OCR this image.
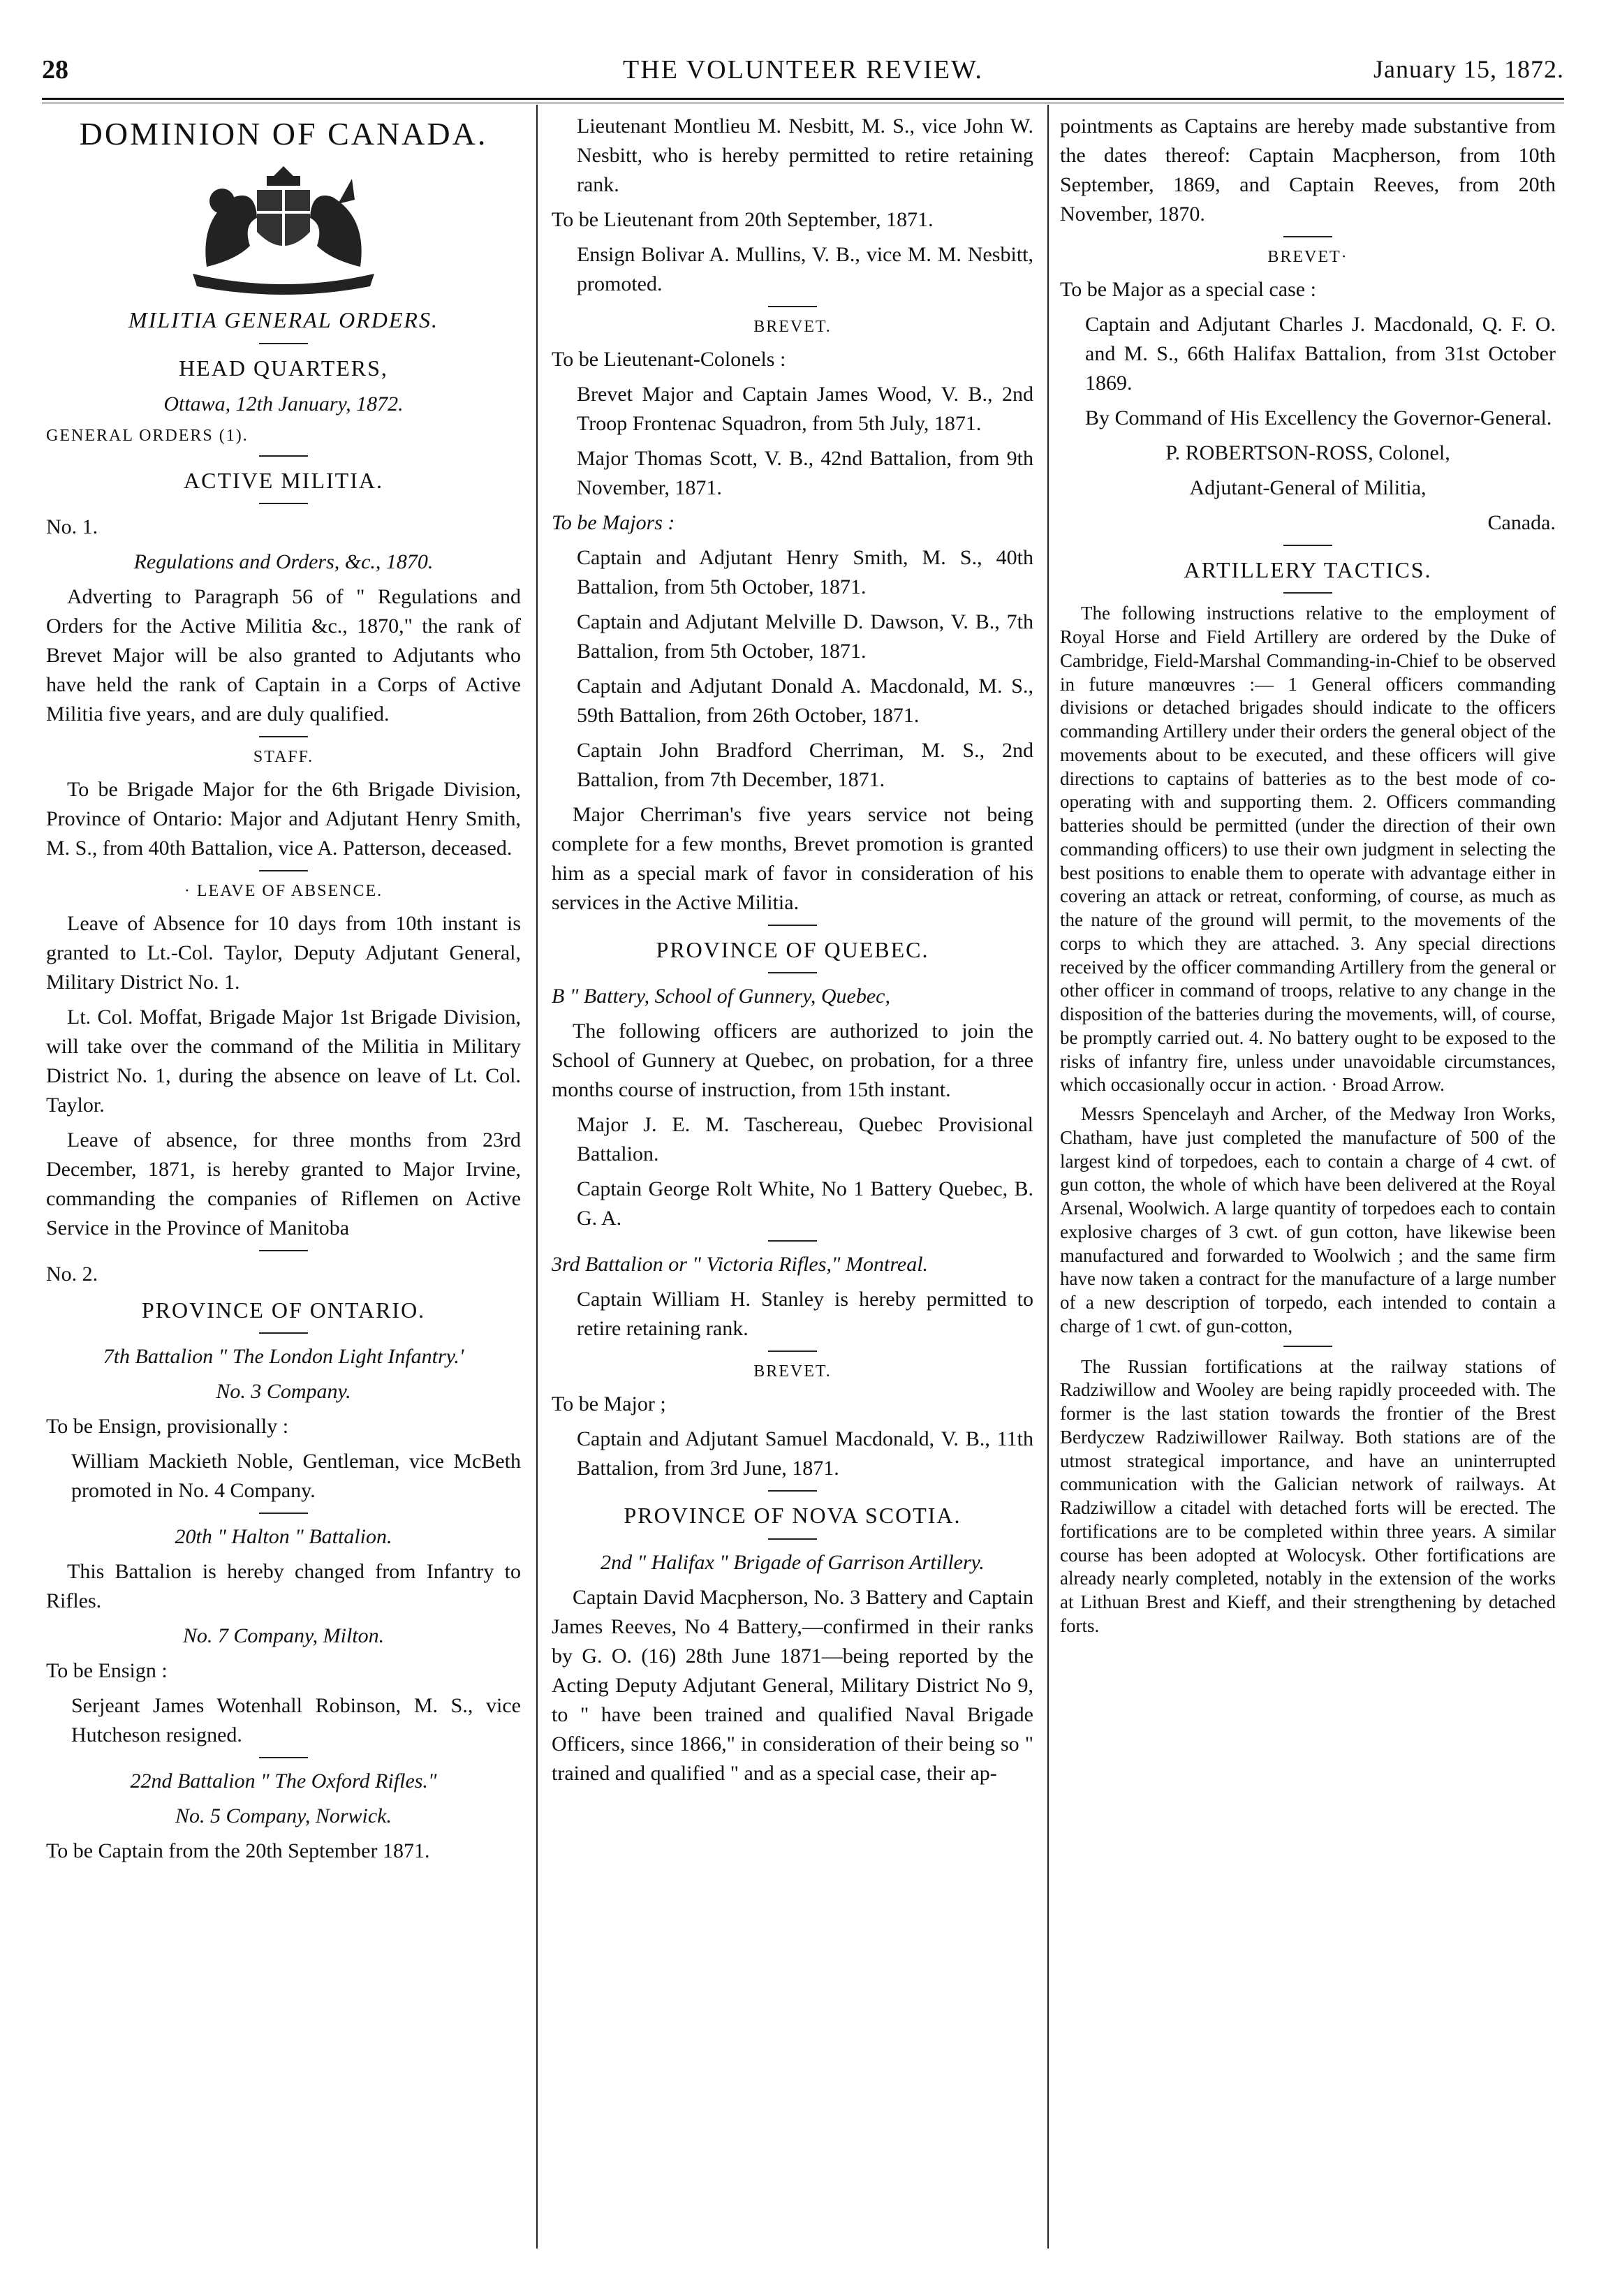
28	THE VOLUNTEER REVIEW.	January 15, 1872.

DOMINION OF CANADA.

MILITIA GENERAL ORDERS.

HEAD QUARTERS,

Ottawa, 12th January, 1872.

GENERAL ORDERS (1).

ACTIVE MILITIA.

No. 1.

Regulations and Orders, &c., 1870.

Adverting to Paragraph 56 of " Regulations and Orders for the Active Militia &c., 1870," the rank of Brevet Major will be also granted to Adjutants who have held the rank of Captain in a Corps of Active Militia five years, and are duly qualified.

STAFF.

To be Brigade Major for the 6th Brigade Division, Province of Ontario: Major and Adjutant Henry Smith, M. S., from 40th Battalion, vice A. Patterson, deceased.

· LEAVE OF ABSENCE.

Leave of Absence for 10 days from 10th instant is granted to Lt.-Col. Taylor, Deputy Adjutant General, Military District No. 1.

Lt. Col. Moffat, Brigade Major 1st Brigade Division, will take over the command of the Militia in Military District No. 1, during the absence on leave of Lt. Col. Taylor.

Leave of absence, for three months from 23rd December, 1871, is hereby granted to Major Irvine, commanding the companies of Riflemen on Active Service in the Province of Manitoba

No. 2.

PROVINCE OF ONTARIO.

7th Battalion " The London Light Infantry.'

No. 3 Company.

To be Ensign, provisionally :

William Mackieth Noble, Gentleman, vice McBeth promoted in No. 4 Company.

20th " Halton " Battalion.

This Battalion is hereby changed from Infantry to Rifles.

No. 7 Company, Milton.

To be Ensign :

Serjeant James Wotenhall Robinson, M. S., vice Hutcheson resigned.

22nd Battalion " The Oxford Rifles."

No. 5 Company, Norwick.

To be Captain from the 20th September 1871.

Lieutenant Montlieu M. Nesbitt, M. S., vice John W. Nesbitt, who is hereby permitted to retire retaining rank.

To be Lieutenant from 20th September, 1871.

Ensign Bolivar A. Mullins, V. B., vice M. M. Nesbitt, promoted.

BREVET.

To be Lieutenant-Colonels :

Brevet Major and Captain James Wood, V. B., 2nd Troop Frontenac Squadron, from 5th July, 1871.

Major Thomas Scott, V. B., 42nd Battalion, from 9th November, 1871.

To be Majors :

Captain and Adjutant Henry Smith, M. S., 40th Battalion, from 5th October, 1871.

Captain and Adjutant Melville D. Dawson, V. B., 7th Battalion, from 5th October, 1871.

Captain and Adjutant Donald A. Macdonald, M. S., 59th Battalion, from 26th October, 1871.

Captain John Bradford Cherriman, M. S., 2nd Battalion, from 7th December, 1871.

Major Cherriman's five years service not being complete for a few months, Brevet promotion is granted him as a special mark of favor in consideration of his services in the Active Militia.

PROVINCE OF QUEBEC.

B " Battery, School of Gunnery, Quebec,

The following officers are authorized to join the School of Gunnery at Quebec, on probation, for a three months course of instruction, from 15th instant.

Major J. E. M. Taschereau, Quebec Provisional Battalion.

Captain George Rolt White, No 1 Battery Quebec, B. G. A.

3rd Battalion or " Victoria Rifles," Montreal.

Captain William H. Stanley is hereby permitted to retire retaining rank.

BREVET.

To be Major ;

Captain and Adjutant Samuel Macdonald, V. B., 11th Battalion, from 3rd June, 1871.

PROVINCE OF NOVA SCOTIA.

2nd " Halifax " Brigade of Garrison Artillery.

Captain David Macpherson, No. 3 Battery and Captain James Reeves, No 4 Battery,—confirmed in their ranks by G. O. (16) 28th June 1871—being reported by the Acting Deputy Adjutant General, Military District No 9, to " have been trained and qualified Naval Brigade Officers, since 1866," in consideration of their being so " trained and qualified " and as a special case, their ap-

pointments as Captains are hereby made substantive from the dates thereof: Captain Macpherson, from 10th September, 1869, and Captain Reeves, from 20th November, 1870.

BREVET·

To be Major as a special case :

Captain and Adjutant Charles J. Macdonald, Q. F. O. and M. S., 66th Halifax Battalion, from 31st October 1869.

By Command of His Excellency the Governor-General.

P. ROBERTSON-ROSS, Colonel,

Adjutant-General of Militia,

Canada.

ARTILLERY TACTICS.

The following instructions relative to the employment of Royal Horse and Field Artillery are ordered by the Duke of Cambridge, Field-Marshal Commanding-in-Chief to be observed in future manœuvres :— 1 General officers commanding divisions or detached brigades should indicate to the officers commanding Artillery under their orders the general object of the movements about to be executed, and these officers will give directions to captains of batteries as to the best mode of co-operating with and supporting them. 2. Officers commanding batteries should be permitted (under the direction of their own commanding officers) to use their own judgment in selecting the best positions to enable them to operate with advantage either in covering an attack or retreat, conforming, of course, as much as the nature of the ground will permit, to the movements of the corps to which they are attached. 3. Any special directions received by the officer commanding Artillery from the general or other officer in command of troops, relative to any change in the disposition of the batteries during the movements, will, of course, be promptly carried out. 4. No battery ought to be exposed to the risks of infantry fire, unless under unavoidable circumstances, which occasionally occur in action. · Broad Arrow.

Messrs Spencelayh and Archer, of the Medway Iron Works, Chatham, have just completed the manufacture of 500 of the largest kind of torpedoes, each to contain a charge of 4 cwt. of gun cotton, the whole of which have been delivered at the Royal Arsenal, Woolwich. A large quantity of torpedoes each to contain explosive charges of 3 cwt. of gun cotton, have likewise been manufactured and forwarded to Woolwich ; and the same firm have now taken a contract for the manufacture of a large number of a new description of torpedo, each intended to contain a charge of 1 cwt. of gun-cotton,

The Russian fortifications at the railway stations of Radziwillow and Wooley are being rapidly proceeded with. The former is the last station towards the frontier of the Brest Berdyczew Radziwillower Railway. Both stations are of the utmost strategical importance, and have an uninterrupted communication with the Galician network of railways. At Radziwillow a citadel with detached forts will be erected. The fortifications are to be completed within three years. A similar course has been adopted at Wolocysk. Other fortifications are already nearly completed, notably in the extension of the works at Lithuan Brest and Kieff, and their strengthening by detached forts.
